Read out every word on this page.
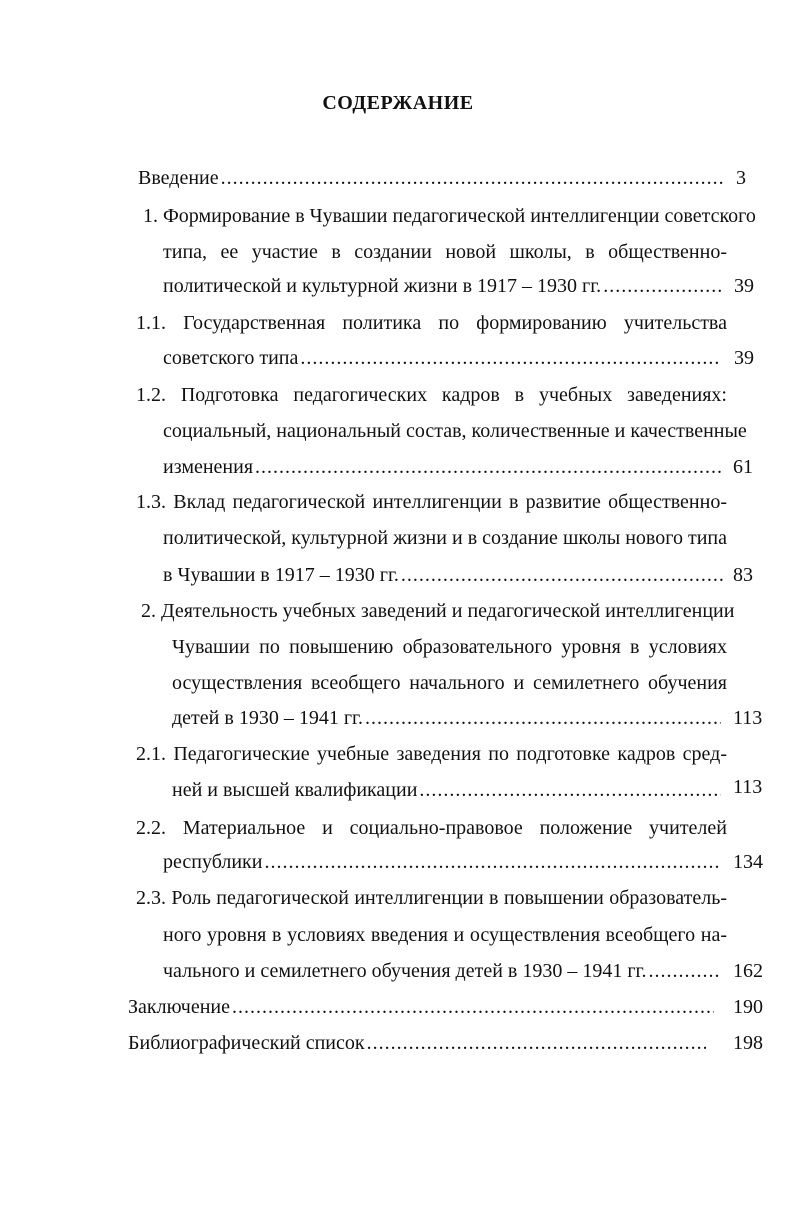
СОДЕРЖАНИЕ
Введение .....	3
1. Формирование в Чувашии педагогической интеллигенции советского
типа, ее участие в создании новой школы, в общественно-
политической и культурной жизни в 1917 – 1930 гг. .....	39
1.1. Государственная политика по формированию учительства
советского типа .....	39
1.2. Подготовка педагогических кадров в учебных заведениях:
социальный, национальный состав, количественные и качественные
изменения .....	61
1.3. Вклад педагогической интеллигенции в развитие общественно-
политической, культурной жизни и в создание школы нового типа
в Чувашии в 1917 – 1930 гг. .....	83
2. Деятельность учебных заведений и педагогической интеллигенции
Чувашии по повышению образовательного уровня в условиях
осуществления всеобщего начального и семилетнего обучения
детей в 1930 – 1941 гг. .....	113
2.1. Педагогические учебные заведения по подготовке кадров сред-
ней и высшей квалификации .....	113
2.2. Материальное и социально-правовое положение учителей
республики .....	134
2.3. Роль педагогической интеллигенции в повышении образователь-
ного уровня в условиях введения и осуществления всеобщего на-
чального и семилетнего обучения детей в 1930 – 1941 гг. .....	162
Заключение .....	190
Библиографический список .....	198
